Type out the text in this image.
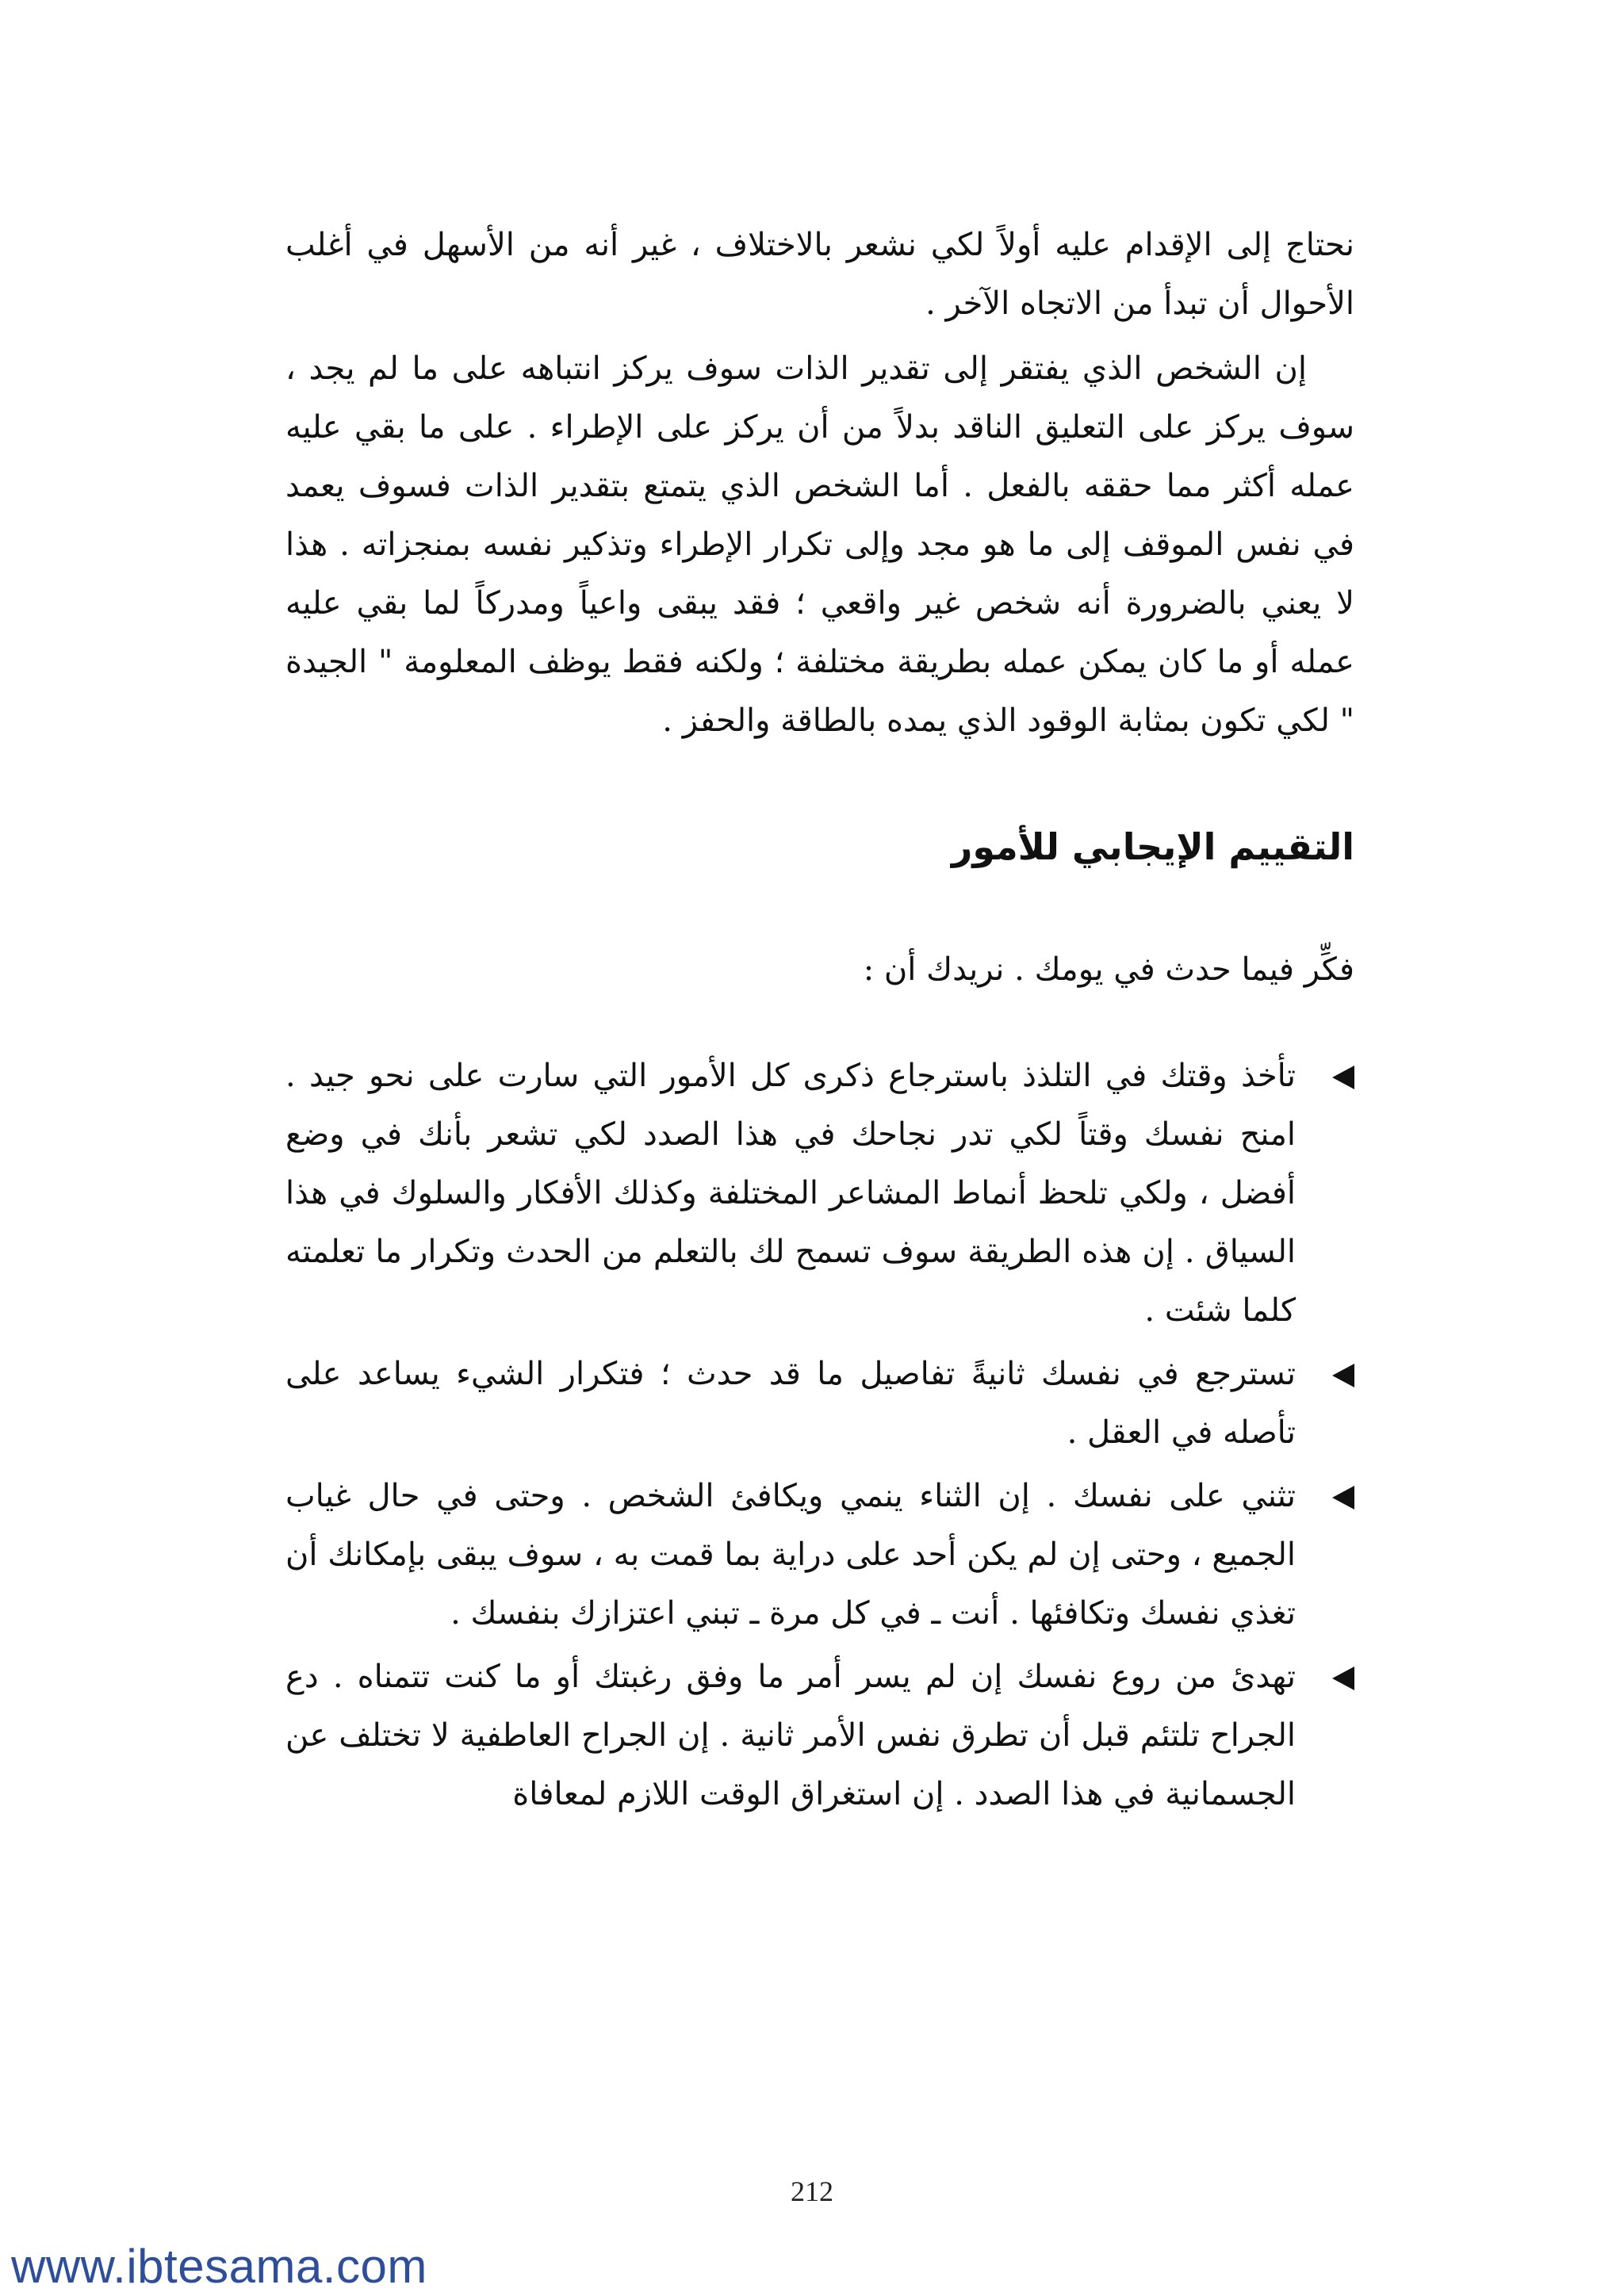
نحتاج إلى الإقدام عليه أولاً لكي نشعر بالاختلاف ، غير أنه من الأسهل في أغلب الأحوال أن تبدأ من الاتجاه الآخر .

إن الشخص الذي يفتقر إلى تقدير الذات سوف يركز انتباهه على ما لم يجد ، سوف يركز على التعليق الناقد بدلاً من أن يركز على الإطراء . على ما بقي عليه عمله أكثر مما حققه بالفعل . أما الشخص الذي يتمتع بتقدير الذات فسوف يعمد في نفس الموقف إلى ما هو مجد وإلى تكرار الإطراء وتذكير نفسه بمنجزاته . هذا لا يعني بالضرورة أنه شخص غير واقعي ؛ فقد يبقى واعياً ومدركاً لما بقي عليه عمله أو ما كان يمكن عمله بطريقة مختلفة ؛ ولكنه فقط يوظف المعلومة " الجيدة " لكي تكون بمثابة الوقود الذي يمده بالطاقة والحفز .

التقييم الإيجابي للأمور

فكِّر فيما حدث في يومك . نريدك أن :

تأخذ وقتك في التلذذ باسترجاع ذكرى كل الأمور التي سارت على نحو جيد . امنح نفسك وقتاً لكي تدر نجاحك في هذا الصدد لكي تشعر بأنك في وضع أفضل ، ولكي تلحظ أنماط المشاعر المختلفة وكذلك الأفكار والسلوك في هذا السياق . إن هذه الطريقة سوف تسمح لك بالتعلم من الحدث وتكرار ما تعلمته كلما شئت .
تسترجع في نفسك ثانيةً تفاصيل ما قد حدث ؛ فتكرار الشيء يساعد على تأصله في العقل .
تثني على نفسك . إن الثناء ينمي ويكافئ الشخص . وحتى في حال غياب الجميع ، وحتى إن لم يكن أحد على دراية بما قمت به ، سوف يبقى بإمكانك أن تغذي نفسك وتكافئها . أنت ـ في كل مرة ـ تبني اعتزازك بنفسك .
تهدئ من روع نفسك إن لم يسر أمر ما وفق رغبتك أو ما كنت تتمناه . دع الجراح تلتئم قبل أن تطرق نفس الأمر ثانية . إن الجراح العاطفية لا تختلف عن الجسمانية في هذا الصدد . إن استغراق الوقت اللازم لمعافاة
212
www.ibtesama.com
